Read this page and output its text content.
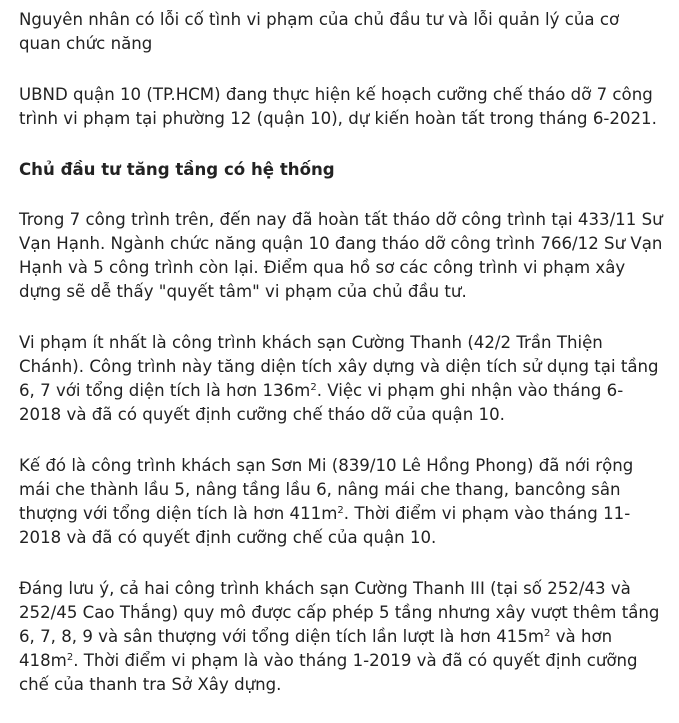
Nguyên nhân có lỗi cố tình vi phạm của chủ đầu tư và lỗi quản lý của cơ quan chức năng

UBND quận 10 (TP.HCM) đang thực hiện kế hoạch cưỡng chế tháo dỡ 7 công trình vi phạm tại phường 12 (quận 10), dự kiến hoàn tất trong tháng 6-2021.

Chủ đầu tư tăng tầng có hệ thống

Trong 7 công trình trên, đến nay đã hoàn tất tháo dỡ công trình tại 433/11 Sư Vạn Hạnh. Ngành chức năng quận 10 đang tháo dỡ công trình 766/12 Sư Vạn Hạnh và 5 công trình còn lại. Điểm qua hồ sơ các công trình vi phạm xây dựng sẽ dễ thấy "quyết tâm" vi phạm của chủ đầu tư.

Vi phạm ít nhất là công trình khách sạn Cường Thanh (42/2 Trần Thiện Chánh). Công trình này tăng diện tích xây dựng và diện tích sử dụng tại tầng 6, 7 với tổng diện tích là hơn $136m^2$. Việc vi phạm ghi nhận vào tháng 6-2018 và đã có quyết định cưỡng chế tháo dỡ của quận 10.

Kế đó là công trình khách sạn Sơn Mi (839/10 Lê Hồng Phong) đã nới rộng mái che thành lầu 5, nâng tầng lầu 6, nâng mái che thang, bancông sân thượng với tổng diện tích là hơn $411m^2$. Thời điểm vi phạm vào tháng 11-2018 và đã có quyết định cưỡng chế của quận 10.

Đáng lưu ý, cả hai công trình khách sạn Cường Thanh III (tại số 252/43 và 252/45 Cao Thắng) quy mô được cấp phép 5 tầng nhưng xây vượt thêm tầng 6, 7, 8, 9 và sân thượng với tổng diện tích lần lượt là hơn $415m^2$ và hơn $418m^2$. Thời điểm vi phạm là vào tháng 1-2019 và đã có quyết định cưỡng chế của thanh tra Sở Xây dựng.
